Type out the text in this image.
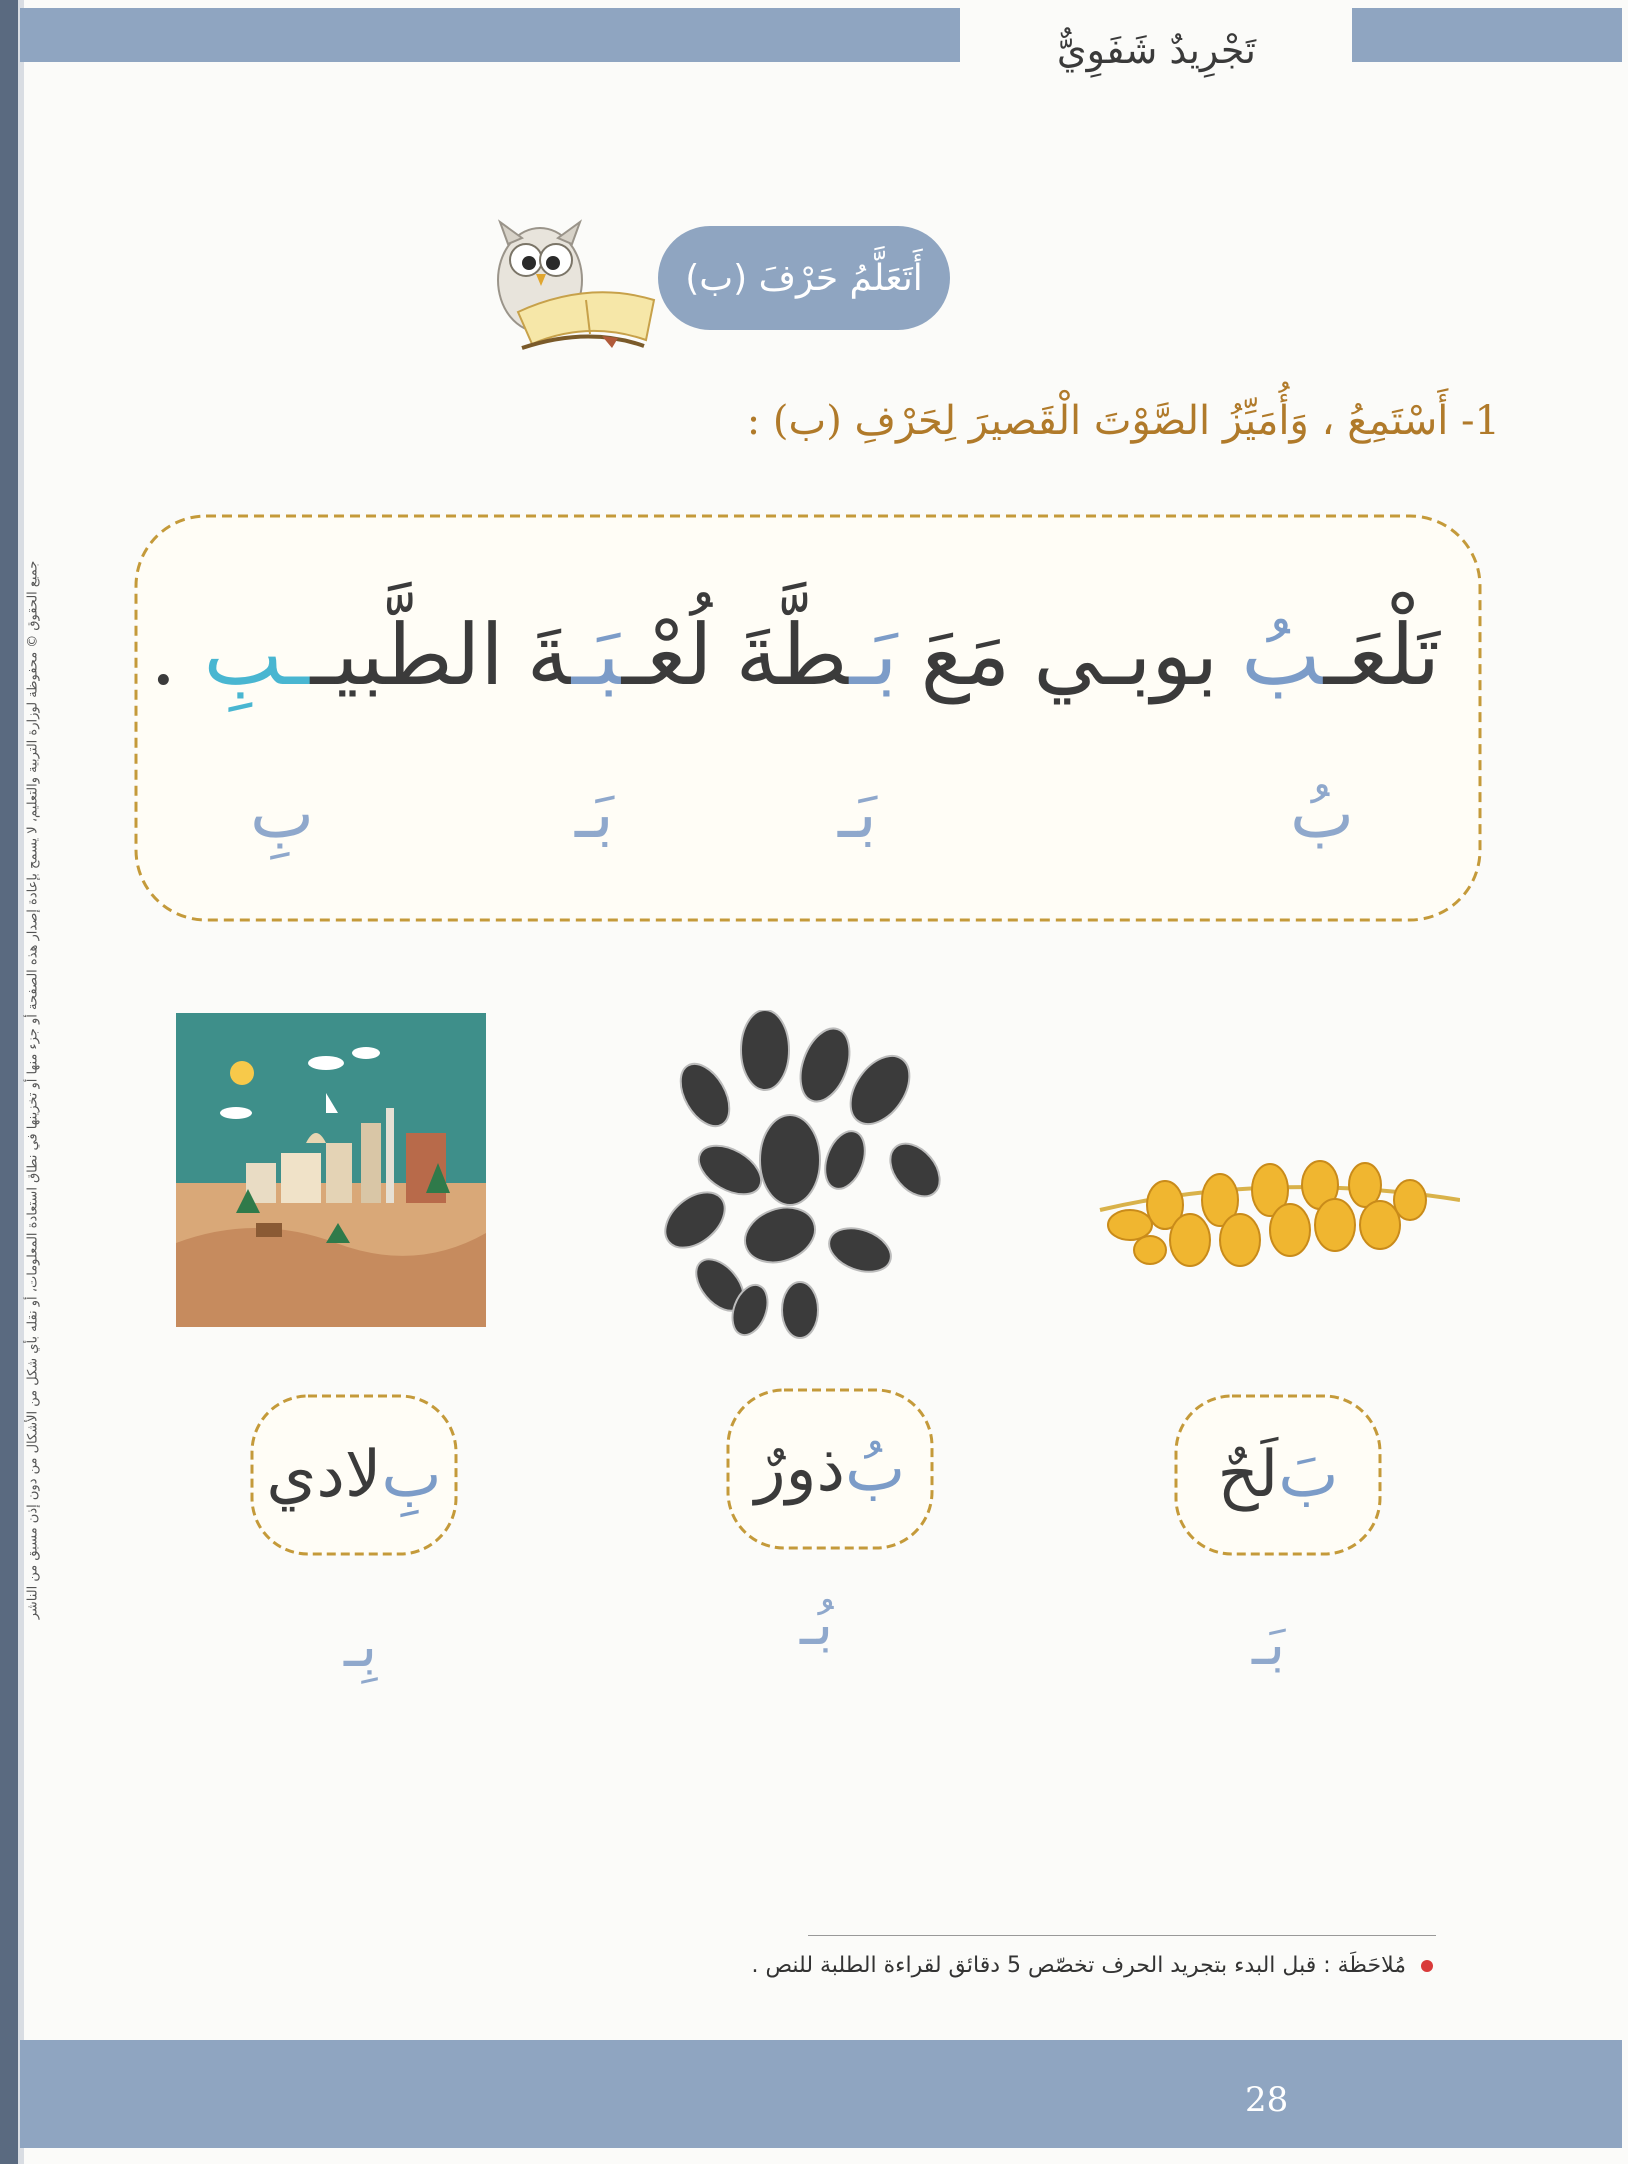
تَجْرِيدٌ شَفَوِيٌّ
جميع الحقوق © محفوظة لوزارة التربية والتعليم، لا يسمح بإعادة إصدار هذه الصفحة أو جزء منها أو تخزينها في نطاق استعادة المعلومات، أو نقله بأي شكل من الأشكال من دون إذن مسبق من الناشر
أَتَعَلَّمُ حَرْفَ (ب)
1- أَسْتَمِعُ ، وَأُمَيِّزُ الصَّوْتَ الْقَصيرَ لِحَرْفِ (ب) :
تَلْعَـبُ
بوبـي
مَعَ
بَـطَّةَ
لُعْـبَـةَ
الطَّبيــبِ .
بُ
بَـ
بَـ
بِ
بَ
لَحٌ
بَـ
بُ
ذورٌ
بُـ
بِ
لادي
بِـ
مُلاحَظَة : قبل البدء بتجريد الحرف تخصّص 5 دقائق لقراءة الطلبة للنص .
28
